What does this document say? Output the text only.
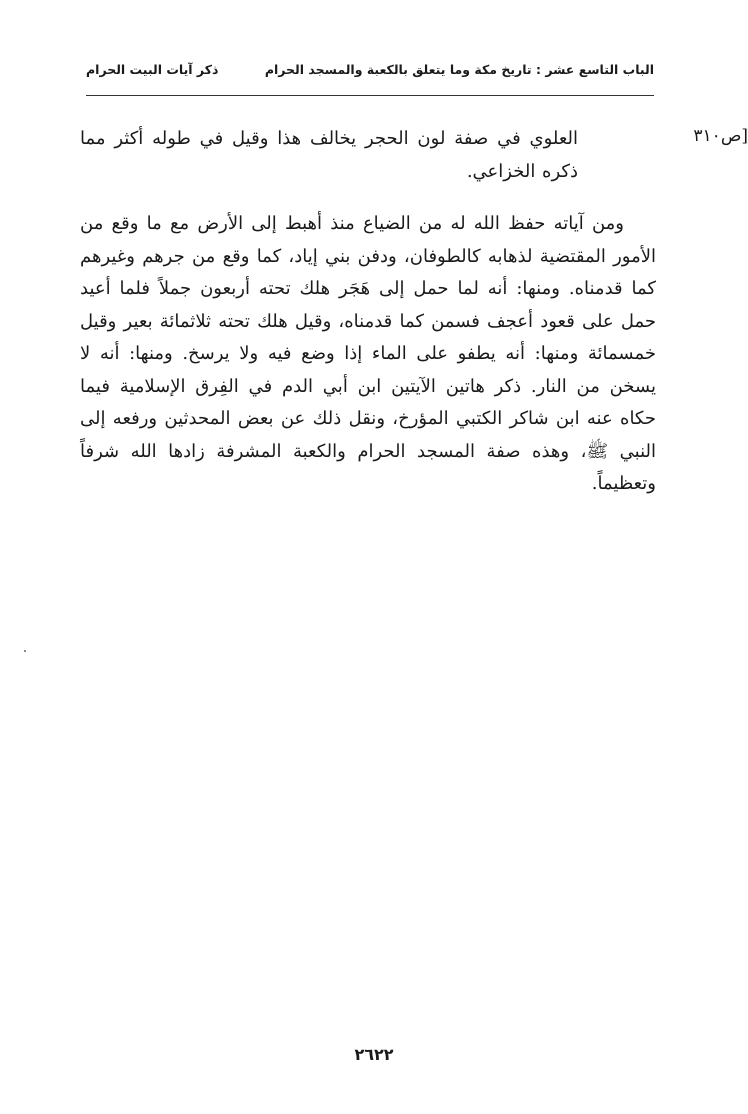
الباب التاسع عشر : تاريخ مكة وما يتعلق بالكعبة والمسجد الحرام
ذكر آيات البيت الحرام
[ص٣١٠

العلوي في صفة لون الحجر يخالف هذا وقيل في طوله أكثر مما ذكره الخزاعي.

ومن آياته حفظ الله له من الضياع منذ أهبط إلى الأرض مع ما وقع من الأمور المقتضية لذهابه كالطوفان، ودفن بني إياد، كما وقع من جرهم وغيرهم كما قدمناه. ومنها: أنه لما حمل إلى هَجَر هلك تحته أربعون جملاً فلما أعيد حمل على قعود أعجف فسمن كما قدمناه، وقيل هلك تحته ثلاثمائة بعير وقيل خمسمائة ومنها: أنه يطفو على الماء إذا وضع فيه ولا يرسخ. ومنها: أنه لا يسخن من النار. ذكر هاتين الآيتين ابن أبي الدم في الفِرق الإسلامية فيما حكاه عنه ابن شاكر الكتبي المؤرخ، ونقل ذلك عن بعض المحدثين ورفعه إلى النبي ﷺ، وهذه صفة المسجد الحرام والكعبة المشرفة زادها الله شرفاً وتعظيماً.

٢٦٢٢
